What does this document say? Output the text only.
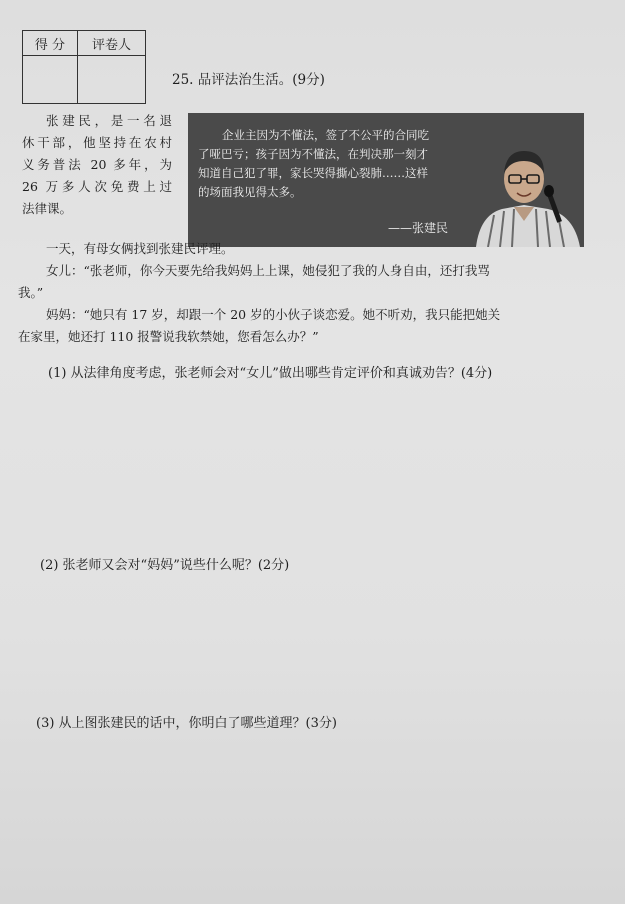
得 分	评卷人
25. 品评法治生活。(9分)
张建民，是一名退
休干部，他坚持在农村
义务普法 20 多年，为
26 万多人次免费上过
法律课。
企业主因为不懂法，签了不公平的合同吃
了哑巴亏；孩子因为不懂法，在判决那一刻才
知道自己犯了罪，家长哭得撕心裂肺……这样
的场面我见得太多。
——张建民
一天，有母女俩找到张建民评理。
女儿：“张老师，你今天要先给我妈妈上上课，她侵犯了我的人身自由，还打我骂
我。”
妈妈：“她只有 17 岁，却跟一个 20 岁的小伙子谈恋爱。她不听劝，我只能把她关
在家里，她还打 110 报警说我软禁她，您看怎么办？”
(1) 从法律角度考虑，张老师会对“女儿”做出哪些肯定评价和真诚劝告？(4分)
(2) 张老师又会对“妈妈”说些什么呢？(2分)
(3) 从上图张建民的话中，你明白了哪些道理？(3分)
